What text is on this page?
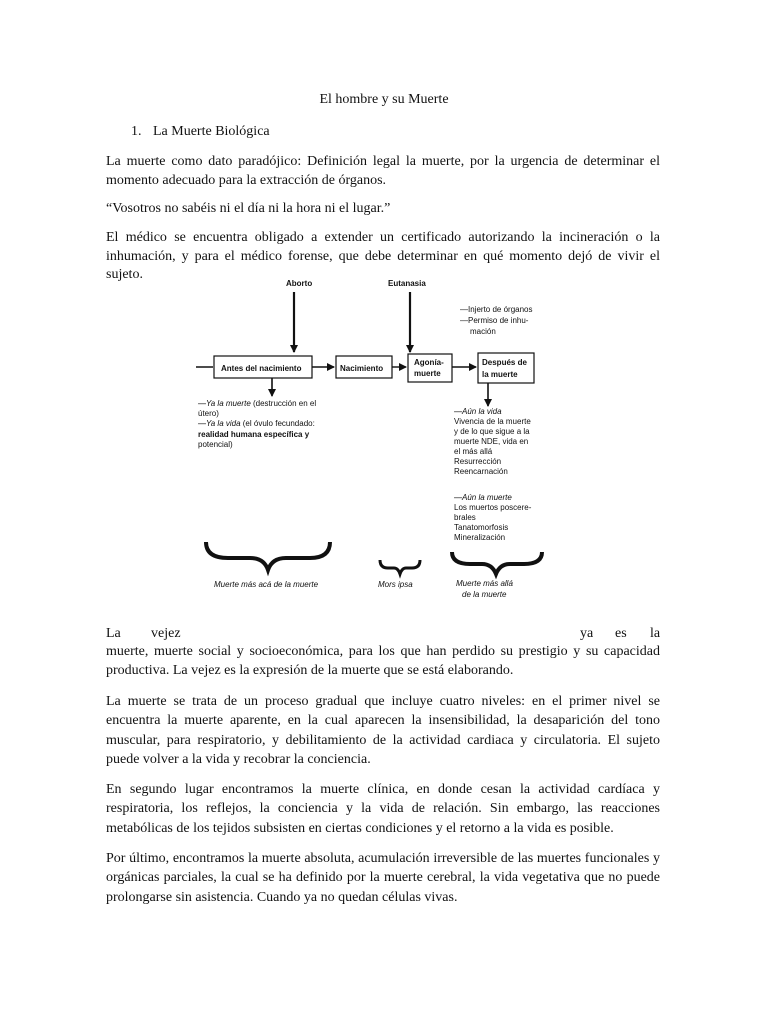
El hombre y su Muerte
1. La Muerte Biológica

La muerte como dato paradójico: Definición legal la muerte, por la urgencia de determinar el momento adecuado para la extracción de órganos.

“Vosotros no sabéis ni el día ni la hora ni el lugar.”

El médico se encuentra obligado a extender un certificado autorizando la incineración o la inhumación, y para el médico forense, que debe determinar en qué momento dejó de vivir el sujeto.

Aborto	Eutanasia
—Injerto de órganos
—Permiso de inhu-
mación
Antes del nacimiento	Nacimiento
Agonía-
muerte
Después de
la muerte
—Ya la muerte (destrucción en el
útero)
—Ya la vida (el óvulo fecundado:
realidad humana específica y
potencial)
—Aún la vida
Vivencia de la muerte
y de lo que sigue a la
muerte NDE, vida en
el más allá
Resurrección
Reencarnación
—Aún la muerte
Los muertos poscere-
brales
Tanatomorfosis
Mineralización
Muerte más acá de la muerte	Mors ipsa	Muerte más allá
de la muerte
La vejez	ya es la

muerte, muerte social y socioeconómica, para los que han perdido su prestigio y su capacidad productiva. La vejez es la expresión de la muerte que se está elaborando.

La muerte se trata de un proceso gradual que incluye cuatro niveles: en el primer nivel se encuentra la muerte aparente, en la cual aparecen la insensibilidad, la desaparición del tono muscular, para respiratorio, y debilitamiento de la actividad cardiaca y circulatoria. El sujeto puede volver a la vida y recobrar la conciencia.

En segundo lugar encontramos la muerte clínica, en donde cesan la actividad cardíaca y respiratoria, los reflejos, la conciencia y la vida de relación. Sin embargo, las reacciones metabólicas de los tejidos subsisten en ciertas condiciones y el retorno a la vida es posible.

Por último, encontramos la muerte absoluta, acumulación irreversible de las muertes funcionales y orgánicas parciales, la cual se ha definido por la muerte cerebral, la vida vegetativa que no puede prolongarse sin asistencia. Cuando ya no quedan células vivas.
